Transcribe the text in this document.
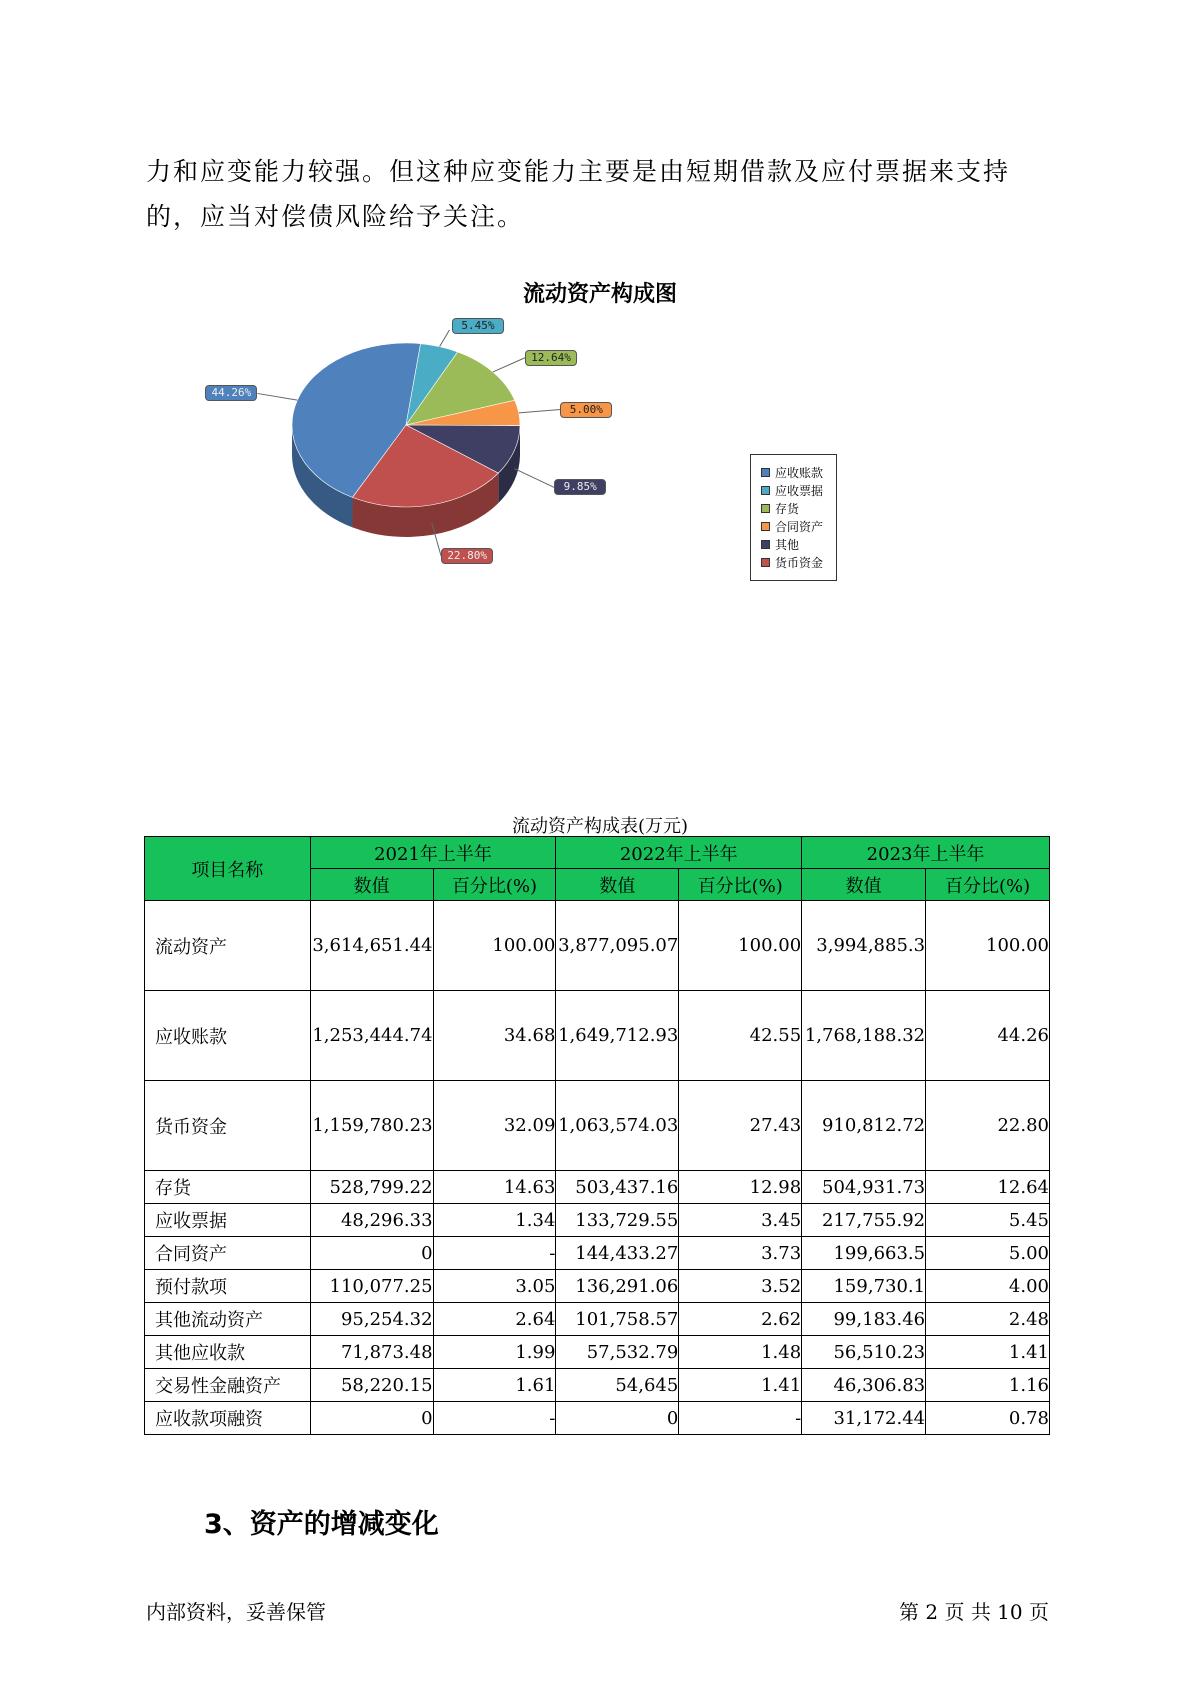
力和应变能力较强。但这种应变能力主要是由短期借款及应付票据来支持
的，应当对偿债风险给予关注。
流动资产构成图
44.26%
5.45%
12.64%
5.00%
9.85%
22.80%
应收账款
应收票据
存货
合同资产
其他
货币资金
流动资产构成表(万元)
项目名称	2021年上半年		2022年上半年		2023年上半年	
	数值	百分比(%)	数值	百分比(%)	数值	百分比(%)
流动资产	3,614,651.44	100.00	3,877,095.07	100.00	3,994,885.3	100.00
应收账款	1,253,444.74	34.68	1,649,712.93	42.55	1,768,188.32	44.26
货币资金	1,159,780.23	32.09	1,063,574.03	27.43	910,812.72	22.80
存货	528,799.22	14.63	503,437.16	12.98	504,931.73	12.64
应收票据	48,296.33	1.34	133,729.55	3.45	217,755.92	5.45
合同资产	0	-	144,433.27	3.73	199,663.5	5.00
预付款项	110,077.25	3.05	136,291.06	3.52	159,730.1	4.00
其他流动资产	95,254.32	2.64	101,758.57	2.62	99,183.46	2.48
其他应收款	71,873.48	1.99	57,532.79	1.48	56,510.23	1.41
交易性金融资产	58,220.15	1.61	54,645	1.41	46,306.83	1.16
应收款项融资	0	-	0	-	31,172.44	0.78
3、资产的增减变化
内部资料，妥善保管	第 2 页 共 10 页
